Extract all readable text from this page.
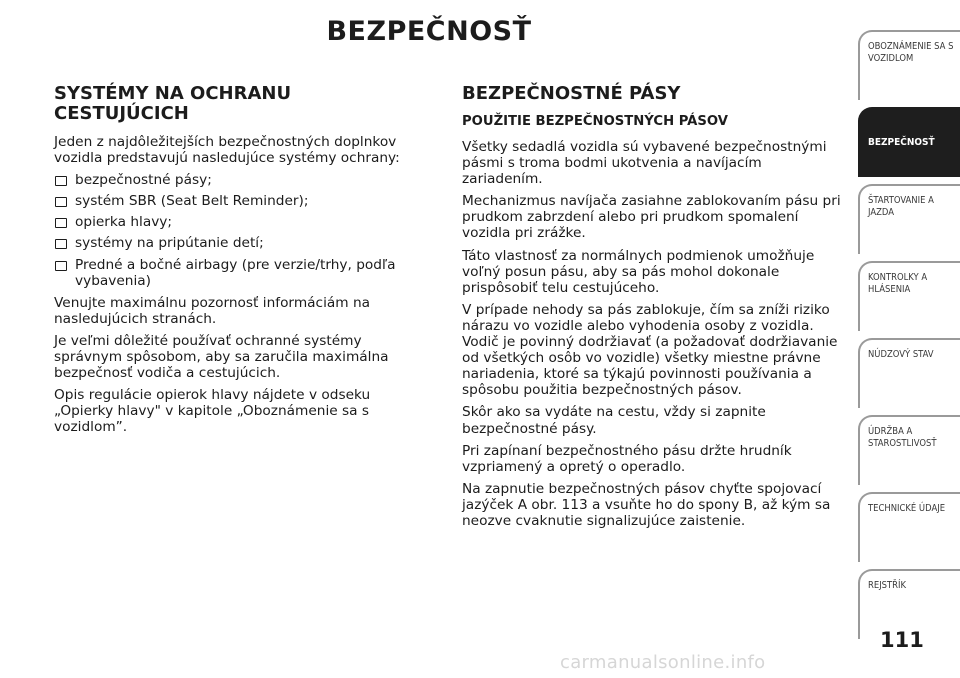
BEZPEČNOSŤ
SYSTÉMY NA OCHRANU CESTUJÚCICH

Jeden z najdôležitejších bezpečnostných doplnkov vozidla predstavujú nasledujúce systémy ochrany:

bezpečnostné pásy;
systém SBR (Seat Belt Reminder);
opierka hlavy;
systémy na pripútanie detí;
Predné a bočné airbagy (pre verzie/trhy, podľa vybavenia)

Venujte maximálnu pozornosť informáciám na nasledujúcich stranách.

Je veľmi dôležité používať ochranné systémy správnym spôsobom, aby sa zaručila maximálna bezpečnosť vodiča a cestujúcich.

Opis regulácie opierok hlavy nájdete v odseku „Opierky hlavy" v kapitole „Oboznámenie sa s vozidlom”.

BEZPEČNOSTNÉ PÁSY
POUŽITIE BEZPEČNOSTNÝCH PÁSOV

Všetky sedadlá vozidla sú vybavené bezpečnostnými pásmi s troma bodmi ukotvenia a navíjacím zariadením.

Mechanizmus navíjača zasiahne zablokovaním pásu pri prudkom zabrzdení alebo pri prudkom spomalení vozidla pri zrážke.

Táto vlastnosť za normálnych podmienok umožňuje voľný posun pásu, aby sa pás mohol dokonale prispôsobiť telu cestujúceho.

V prípade nehody sa pás zablokuje, čím sa zníži riziko nárazu vo vozidle alebo vyhodenia osoby z vozidla. Vodič je povinný dodržiavať (a požadovať dodržiavanie od všetkých osôb vo vozidle) všetky miestne právne nariadenia, ktoré sa týkajú povinnosti používania a spôsobu použitia bezpečnostných pásov.

Skôr ako sa vydáte na cestu, vždy si zapnite bezpečnostné pásy.

Pri zapínaní bezpečnostného pásu držte hrudník vzpriamený a opretý o operadlo.

Na zapnutie bezpečnostných pásov chyťte spojovací jazýček A obr. 113 a vsuňte ho do spony B, až kým sa neozve cvaknutie signalizujúce zaistenie.

OBOZNÁMENIE SA S VOZIDLOM
BEZPEČNOSŤ
ŠTARTOVANIE A JAZDA
KONTROLKY A HLÁSENIA
NÚDZOVÝ STAV
ÚDRŽBA A STAROSTLIVOSŤ
TECHNICKÉ ÚDAJE
REJSTŘÍK
111
carmanualsonline.info
